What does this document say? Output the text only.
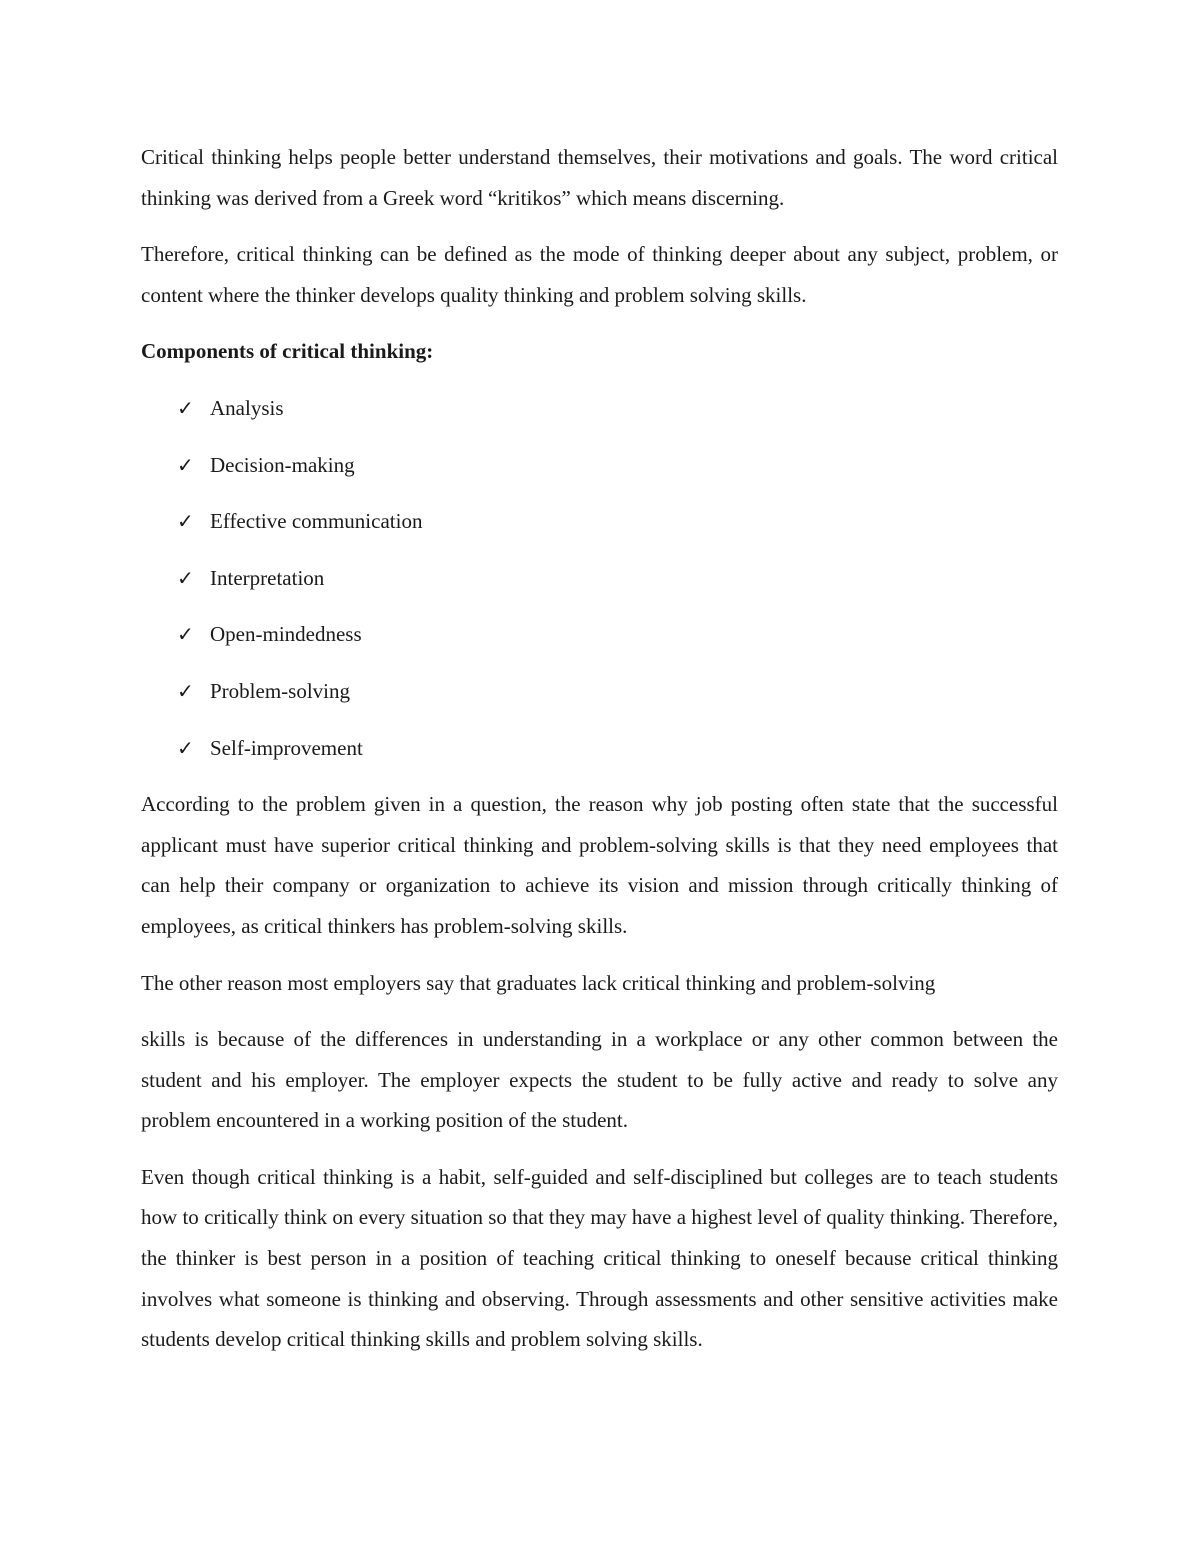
Critical thinking helps people better understand themselves, their motivations and goals. The word critical thinking was derived from a Greek word “kritikos” which means discerning.

Therefore, critical thinking can be defined as the mode of thinking deeper about any subject, problem, or content where the thinker develops quality thinking and problem solving skills.

Components of critical thinking:

✓ Analysis
✓ Decision-making
✓ Effective communication
✓ Interpretation
✓ Open-mindedness
✓ Problem-solving
✓ Self-improvement

According to the problem given in a question, the reason why job posting often state that the successful applicant must have superior critical thinking and problem-solving skills is that they need employees that can help their company or organization to achieve its vision and mission through critically thinking of employees, as critical thinkers has problem-solving skills.

The other reason most employers say that graduates lack critical thinking and problem-solving

skills is because of the differences in understanding in a workplace or any other common between the student and his employer. The employer expects the student to be fully active and ready to solve any problem encountered in a working position of the student.

Even though critical thinking is a habit, self-guided and self-disciplined but colleges are to teach students how to critically think on every situation so that they may have a highest level of quality thinking. Therefore, the thinker is best person in a position of teaching critical thinking to oneself because critical thinking involves what someone is thinking and observing. Through assessments and other sensitive activities make students develop critical thinking skills and problem solving skills.
